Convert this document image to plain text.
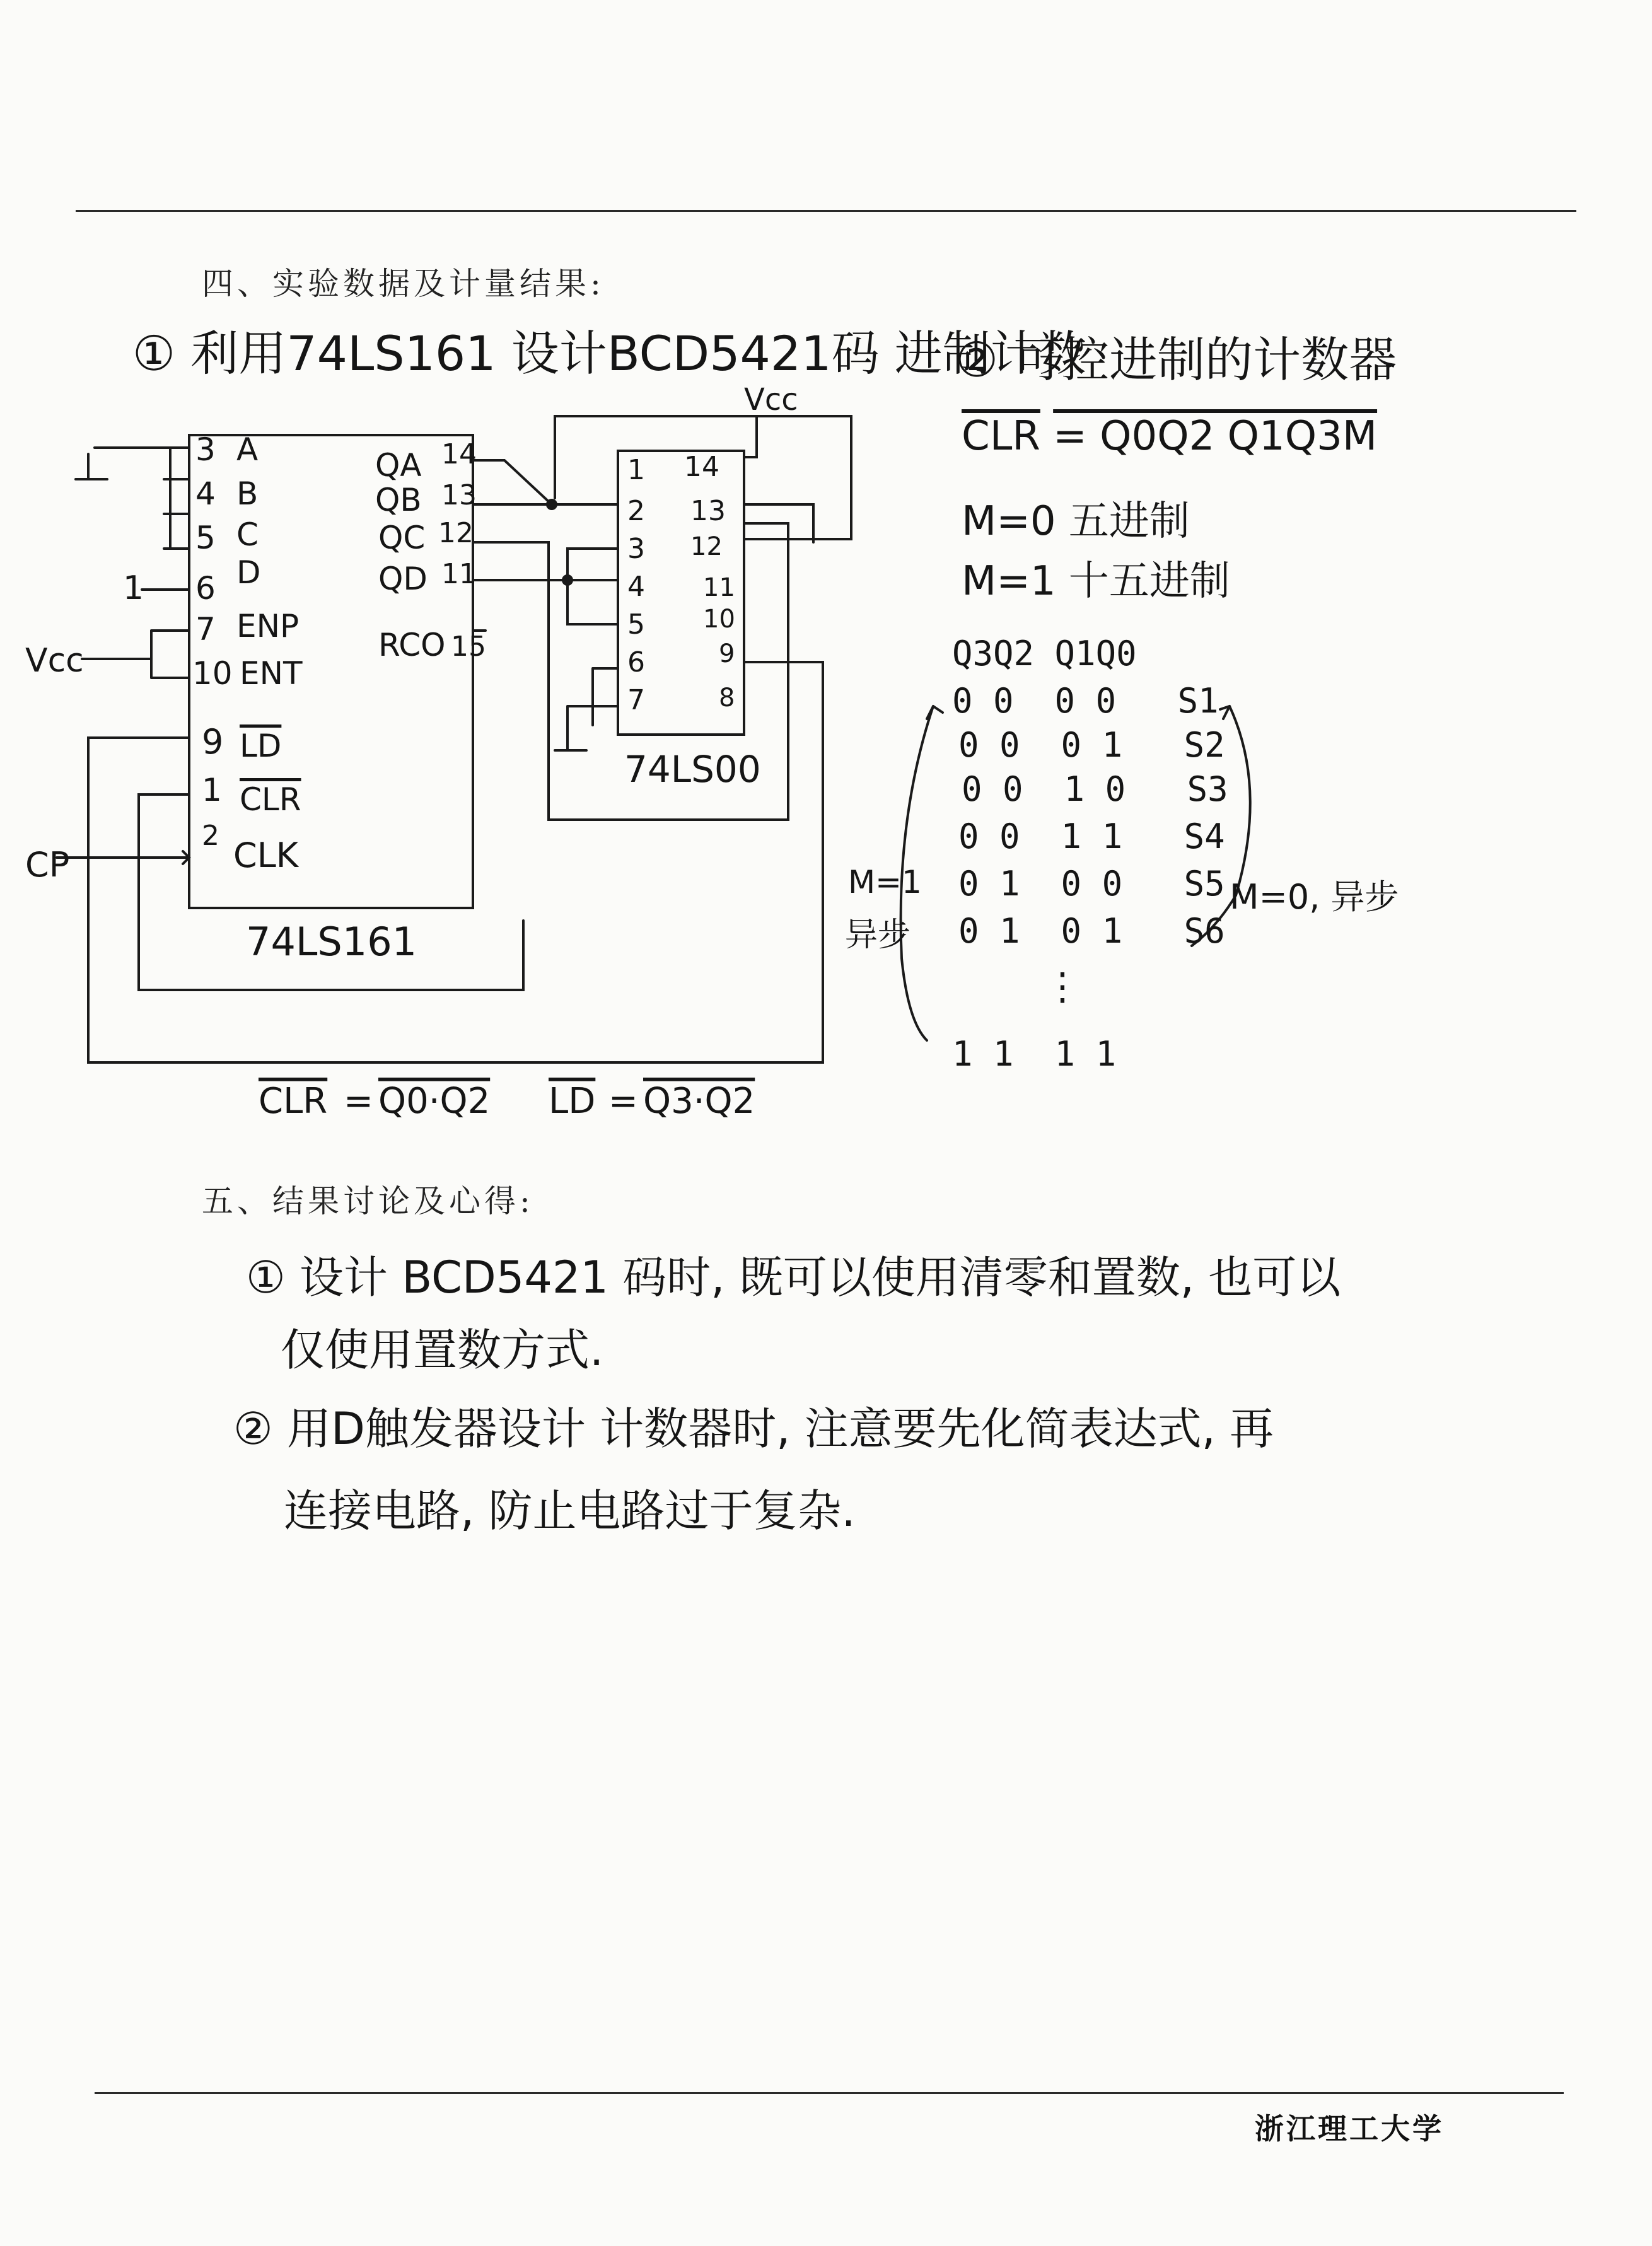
四、实验数据及计量结果:
① 利用74LS161 设计BCD5421码 进制计数
② 可控进制的计数器
Vcc
Vcc
1
CP
3 A
4 B
5 C
6 D
7 ENP
10 ENT
9 LD
1 CLR
2 CLK
QA 14
QB 13
QC 12
QD 11
RCO 15
74LS161
1
2
3
4
5
6
7
14
13
12
11
10
9
8
74LS00
CLR = Q0·Q2 LD = Q3·Q2
$\overline{CLR} = Q0Q2$ Q1Q3M
M=0 五进制
M=1 十五进制
Q3Q2 Q1Q0
0 0  0 0 S1
0 0  0 1 S2
0 0  1 0 S3
0 0  1 1 S4
0 1  0 0 S5
0 1  0 1 S6
⋮
1 1  1 1
M=1
异步
M=0, 异步
五、结果讨论及心得:
① 设计 BCD5421 码时, 既可以使用清零和置数, 也可以
仅使用置数方式.
② 用D触发器设计 计数器时, 注意要先化简表达式, 再
连接电路, 防止电路过于复杂.
浙江理工大学
